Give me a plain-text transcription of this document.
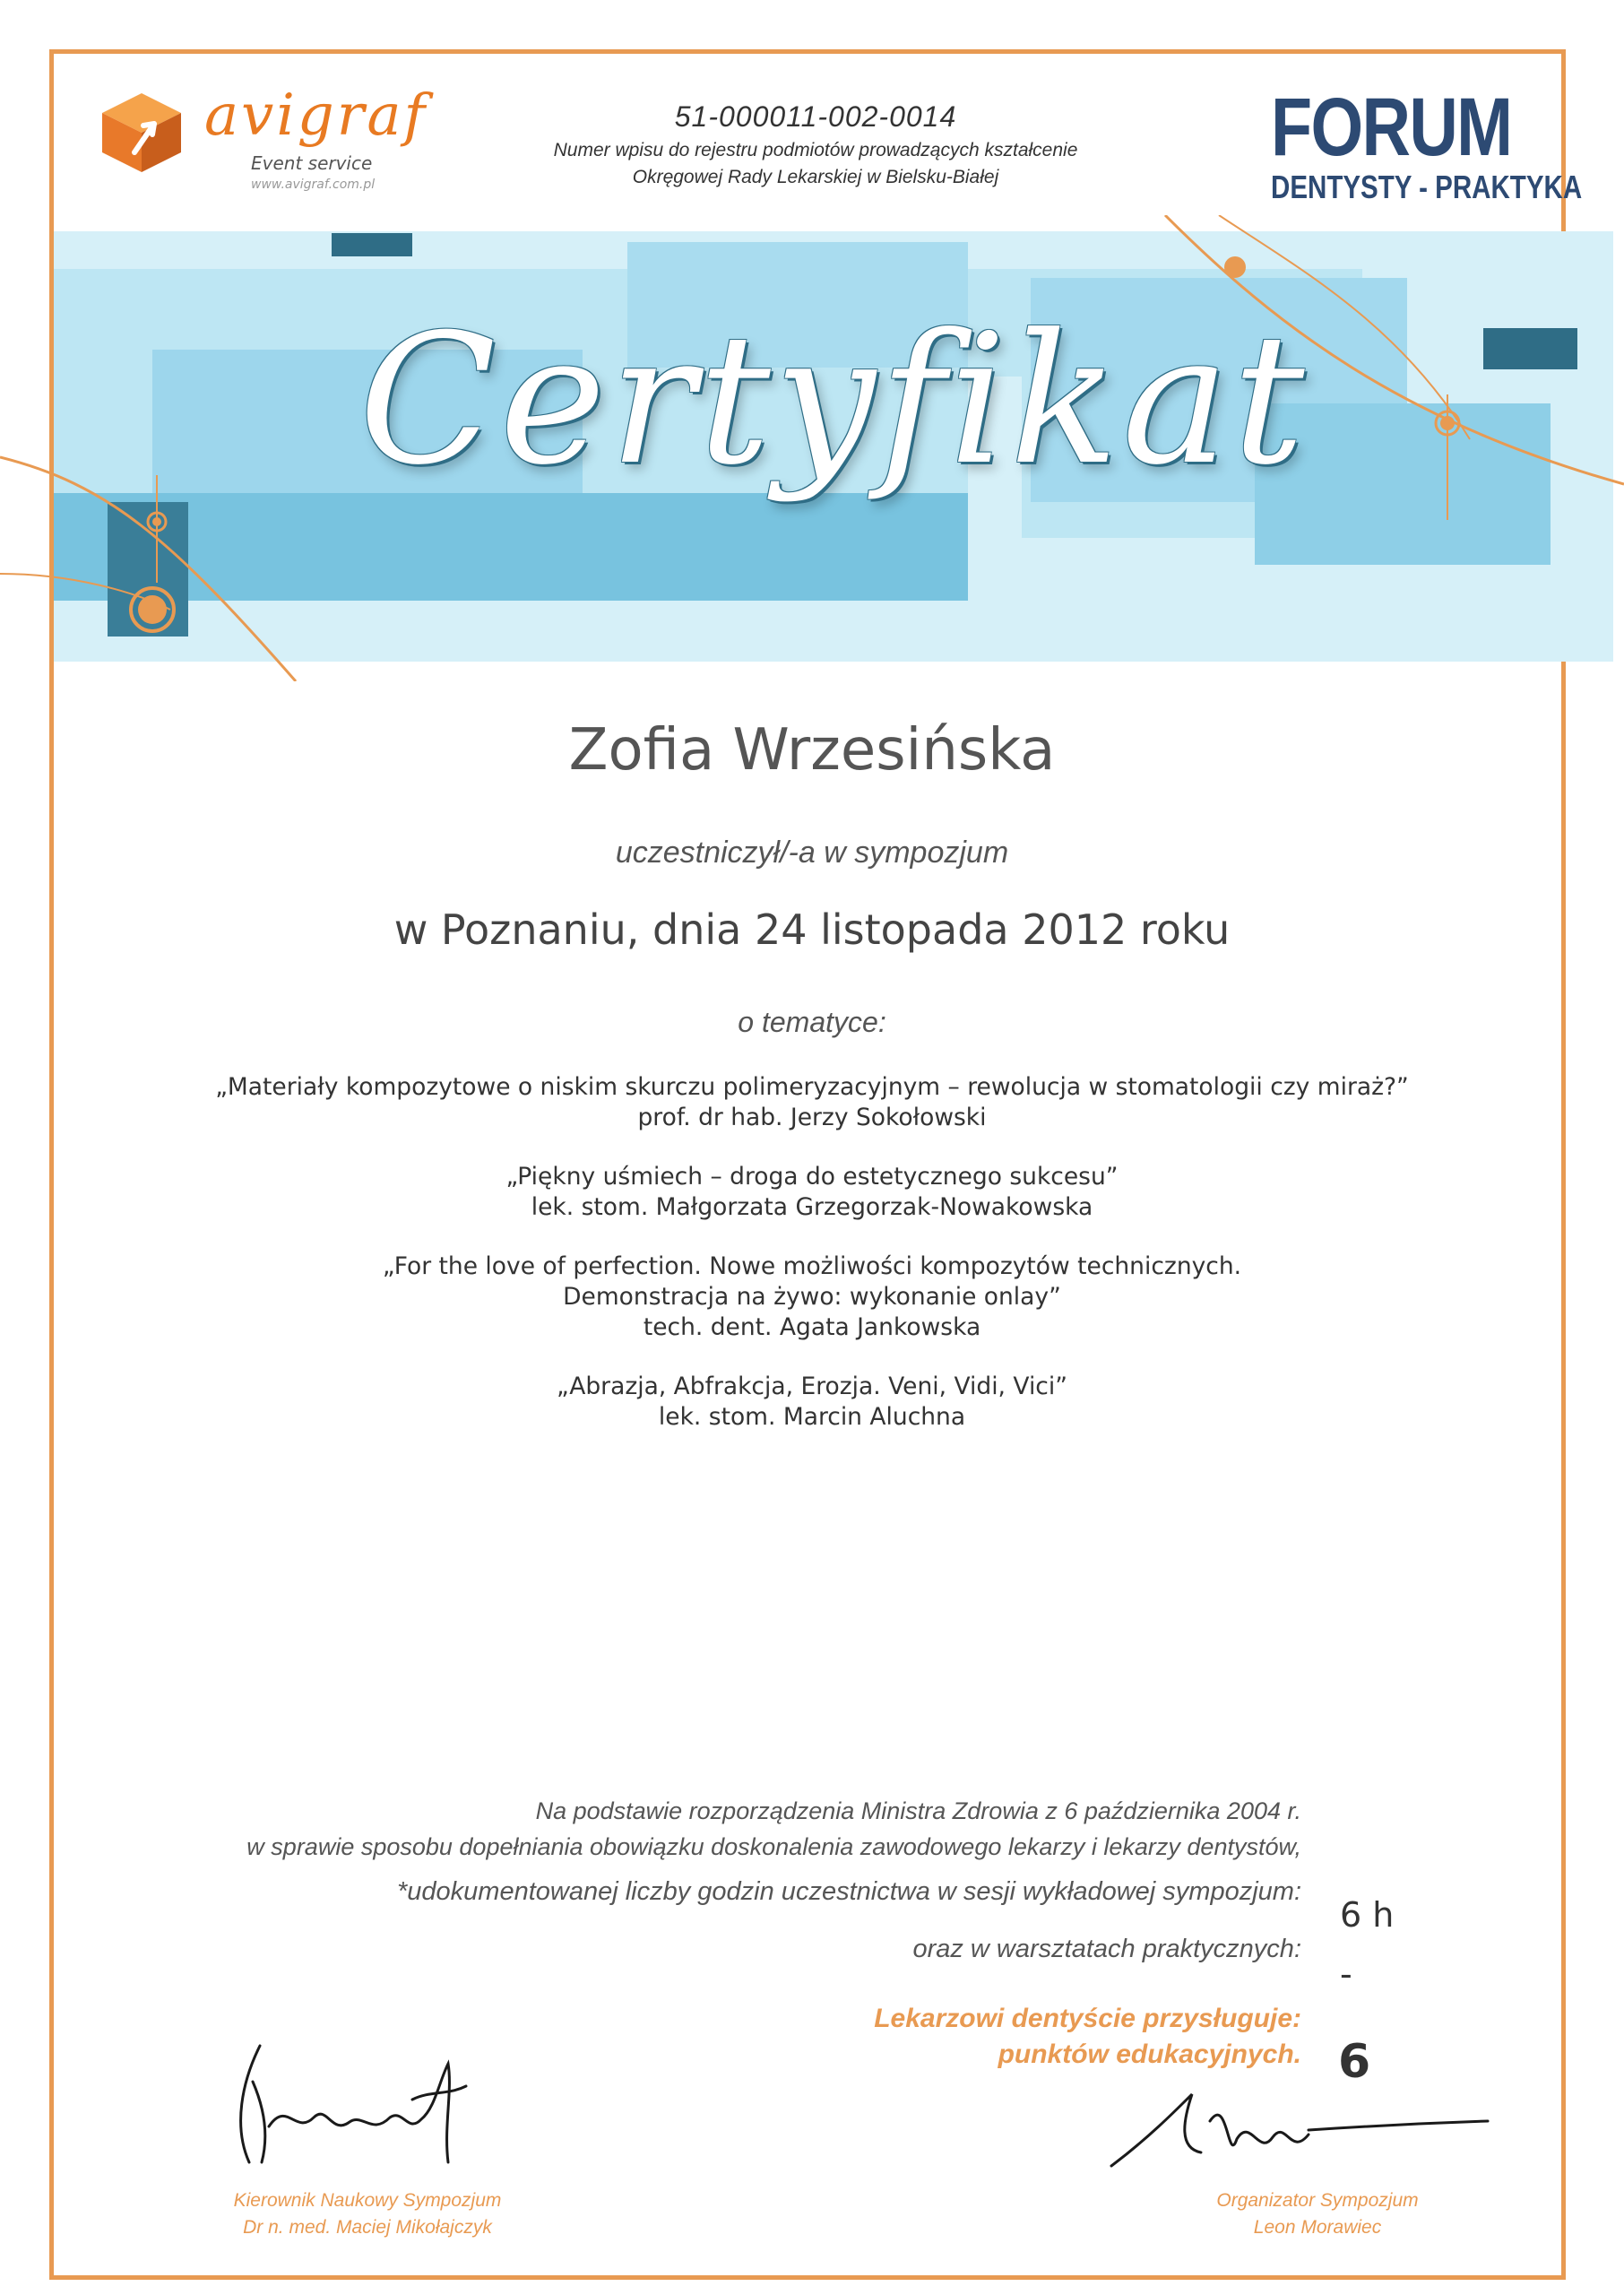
avigraf
Event service
www.avigraf.com.pl
51-000011-002-0014
Numer wpisu do rejestru podmiotów prowadzących kształcenie
Okręgowej Rady Lekarskiej w Bielsku-Białej
FORUM
DENTYSTY - PRAKTYKA
Certyfikat
Zofia Wrzesińska
uczestniczył/-a w sympozjum
w Poznaniu, dnia 24 listopada 2012 roku
o tematyce:
„Materiały kompozytowe o niskim skurczu polimeryzacyjnym – rewolucja w stomatologii czy miraż?”
prof. dr hab. Jerzy Sokołowski
„Piękny uśmiech – droga do estetycznego sukcesu”
lek. stom. Małgorzata Grzegorzak-Nowakowska
„For the love of perfection. Nowe możliwości kompozytów technicznych.
Demonstracja na żywo: wykonanie onlay”
tech. dent. Agata Jankowska
„Abrazja, Abfrakcja, Erozja. Veni, Vidi, Vici”
lek. stom. Marcin Aluchna
Na podstawie rozporządzenia Ministra Zdrowia z 6 października 2004 r.
w sprawie sposobu dopełniania obowiązku doskonalenia zawodowego lekarzy i lekarzy dentystów,
*udokumentowanej liczby godzin uczestnictwa w sesji wykładowej sympozjum:
6 h
oraz w warsztatach praktycznych:
-
Lekarzowi dentyście przysługuje:
punktów edukacyjnych. 6
Kierownik Naukowy Sympozjum
Dr n. med. Maciej Mikołajczyk
Organizator Sympozjum
Leon Morawiec
